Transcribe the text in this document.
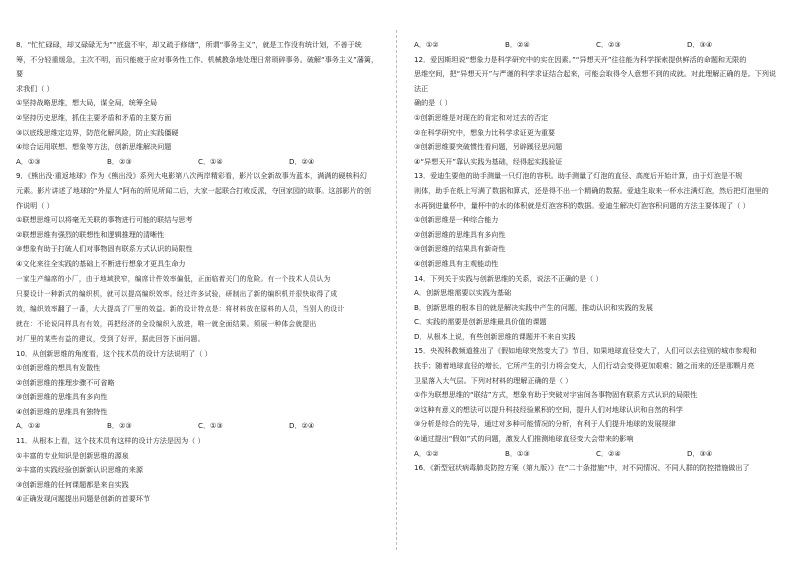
8．“忙忙碌碌，却又碌碌无为”“底盘不牢，却又疏于修缮”，所谓“事务主义”，就是工作没有统计划，不善于统

筹，不分轻重缓急，主次不明，而只能疲于应对事务性工作、机械教条地处理日常琐碎事务。破解“事务主义”藩篱，要

求我们（ ）

①坚持战略思维，想大局，谋全局，统筹全局

②坚持历史思维，抓住主要矛盾和矛盾的主要方面

③以底线思维定边界，防范化解风险，防止实践僵硬

④综合运用联想、想象等方法，创新思维解决问题

A．①③	B．②③	C．①④	D．②④

9．《熊出没·重返地球》作为《熊出没》系列大电影第八次两岸精彩看，影片以全新故事为蓝本，满满的硬核科幻

元素。影片讲述了地球的“外星人”阿布的所见所闻二后，大家一起联合打败反派，夺回家园的故事。这部影片的创

作说明（ ）

①联想思维可以将毫无关联的事物进行可能的联结与思考

②联想思维有强烈的联想性和逻辑推理的清晰性

③想象有助于打破人们对事物固有联系方式认识的局限性

④文化来往全实践的基础上不断进行想象才更具生命力

一家生产编席的小厂，由于地域狭窄，编席计件效率偏低，正面临着关门的危险。有一个技术人员认为

只要设计一种新式的编织机，就可以提高编织效率。经过许多试验，研制出了新的编织机并很快取得了成

效，编织效率翻了一番，大大提高了厂里的效益。新的设计特点是：将材料放在原料的人员，当别人的设计

就在：不论说同样具有有效，再把经济的全设编织入放进，唯一就全面结果。须展一种体会就提出

对厂里的某些有益的建议，受到了好评，据此回答下面问题。

10．从创新思维的角度看，这个技术员的设计方法说明了（ ）

①创新思维的想具有发散性

②创新思维的推理步骤不可省略

③创新思维的思维具有多向性

④创新思维的思维具有独特性

A．①④	B．②③	C．①③	D．②④

11．从根本上看，这个技术员有这样的设计方法是因为（ ）

①丰富的专业知识是创新思维的源泉

②丰富的实践经验创新新认识思维的来源

③创新思维的任何课题都是来自实践

④正确发现问题提出问题是创新的首要环节

A．①②	B．②④	C．②③	D．③④

12．爱因斯坦说“想象力是科学研究中的实在因素。”“异想天开”往往能为科学探索提供鲜活的命题和无限的

思维空间，把“异想天开”与严谨的科学求证结合起来，可能会取得令人意想不到的成就。对此理解正确的是。下列说法正

确的是（ ）

①创新思维是对现在的肯定和对过去的否定

②在科学研究中，想象力比科学求证更为重要

③创新思维要突破惯性看问题，另辟蹊径思问题

④“异想天开”靠认实践为基础，经得起实践验证

13．爱迪生要他的助手测量一只灯泡的容积。助手测量了灯泡的直径、高度后开始计算，由于灯泡是不规

则体，助手在纸上写满了数据和算式，还是得不出一个精确的数据。爱迪生取来一杯水注满灯泡，然后把灯泡里的

水再倒进量杯中，量杯中的水的体积就是灯泡容积的数据。爱迪生解决灯泡容积问题的方法主要体现了（ ）

①创新思维是一种综合能力

②创新思维的思维具有多向性

③创新思维的结果具有新奇性

④创新思维具有主观能动性

14．下列关于实践与创新思维的关系，说法不正确的是（ ）

A．创新思维需要以实践为基础

B．创新思维的根本目的就是解决实践中产生的问题，推动认识和实践的发展

C．实践的需要是创新思维最具价值的课题

D．从根本上说，有些创新思维的课题并不来自实践

15．央视科教频道推出了《假如地球突然变大了》节目，如果地球直径变大了，人们可以去往别的城市参观和

扶手；随着地球直径的增长，它所产生的引力将会变大，人们行动会变得更加艰难；随之而来的还是那颗月亮

卫星落入大气层。下列对材料的理解正确的是（ ）

①作为联想思维的“联结”方式，想象有助于突破对宇宙间各事物固有联系方式认识的局限性

②这种有意义的想法可以提升科技经验累积的空间，提升人们对地球认识和自然的科学

③分析是综合的先导，通过对多种可能情况的分析，有利于人们提升地球的发展规律

④通过提出“假如”式的问题，激发人们推测地球直径变大会带来的影响

A．①②	B．①③	C．②④	D．③④

16．《新型冠状病毒肺炎防控方案（第九版）》在“二十条措施”中，对不同情况、不同人群的防控措施做出了
